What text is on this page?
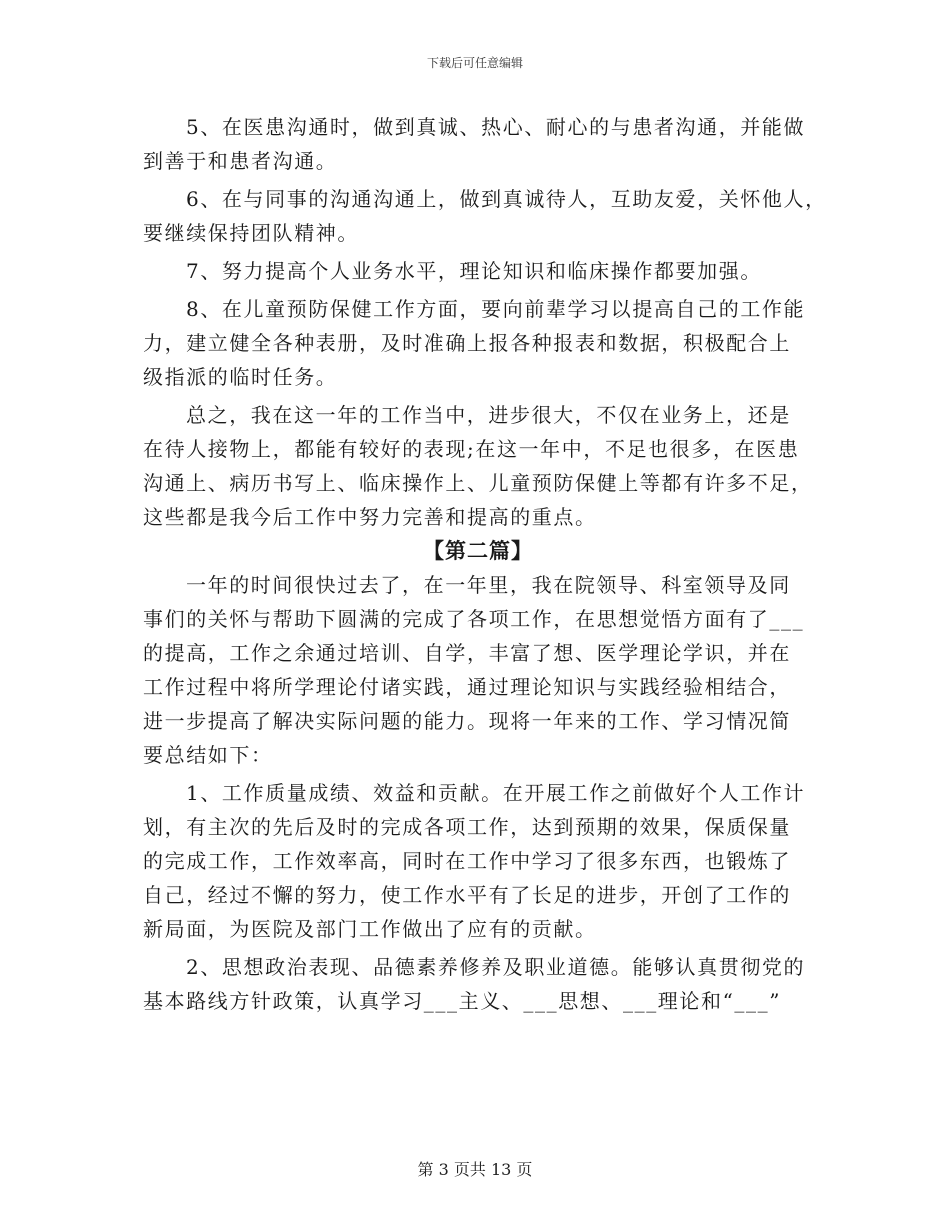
下载后可任意编辑
5、在医患沟通时，做到真诚、热心、耐心的与患者沟通，并能做
到善于和患者沟通。
6、在与同事的沟通沟通上，做到真诚待人，互助友爱，关怀他人，
要继续保持团队精神。
7、努力提高个人业务水平，理论知识和临床操作都要加强。
8、在儿童预防保健工作方面，要向前辈学习以提高自己的工作能
力，建立健全各种表册，及时准确上报各种报表和数据，积极配合上
级指派的临时任务。
总之，我在这一年的工作当中，进步很大，不仅在业务上，还是
在待人接物上，都能有较好的表现;在这一年中，不足也很多，在医患
沟通上、病历书写上、临床操作上、儿童预防保健上等都有许多不足，
这些都是我今后工作中努力完善和提高的重点。
【第二篇】
一年的时间很快过去了，在一年里，我在院领导、科室领导及同
事们的关怀与帮助下圆满的完成了各项工作，在思想觉悟方面有了___
的提高，工作之余通过培训、自学，丰富了想、医学理论学识，并在
工作过程中将所学理论付诸实践，通过理论知识与实践经验相结合，
进一步提高了解决实际问题的能力。现将一年来的工作、学习情况简
要总结如下：
1、工作质量成绩、效益和贡献。在开展工作之前做好个人工作计
划，有主次的先后及时的完成各项工作，达到预期的效果，保质保量
的完成工作，工作效率高，同时在工作中学习了很多东西，也锻炼了
自己，经过不懈的努力，使工作水平有了长足的进步，开创了工作的
新局面，为医院及部门工作做出了应有的贡献。
2、思想政治表现、品德素养修养及职业道德。能够认真贯彻党的
基本路线方针政策，认真学习___主义、___思想、___理论和“___”
第 3 页共 13 页
